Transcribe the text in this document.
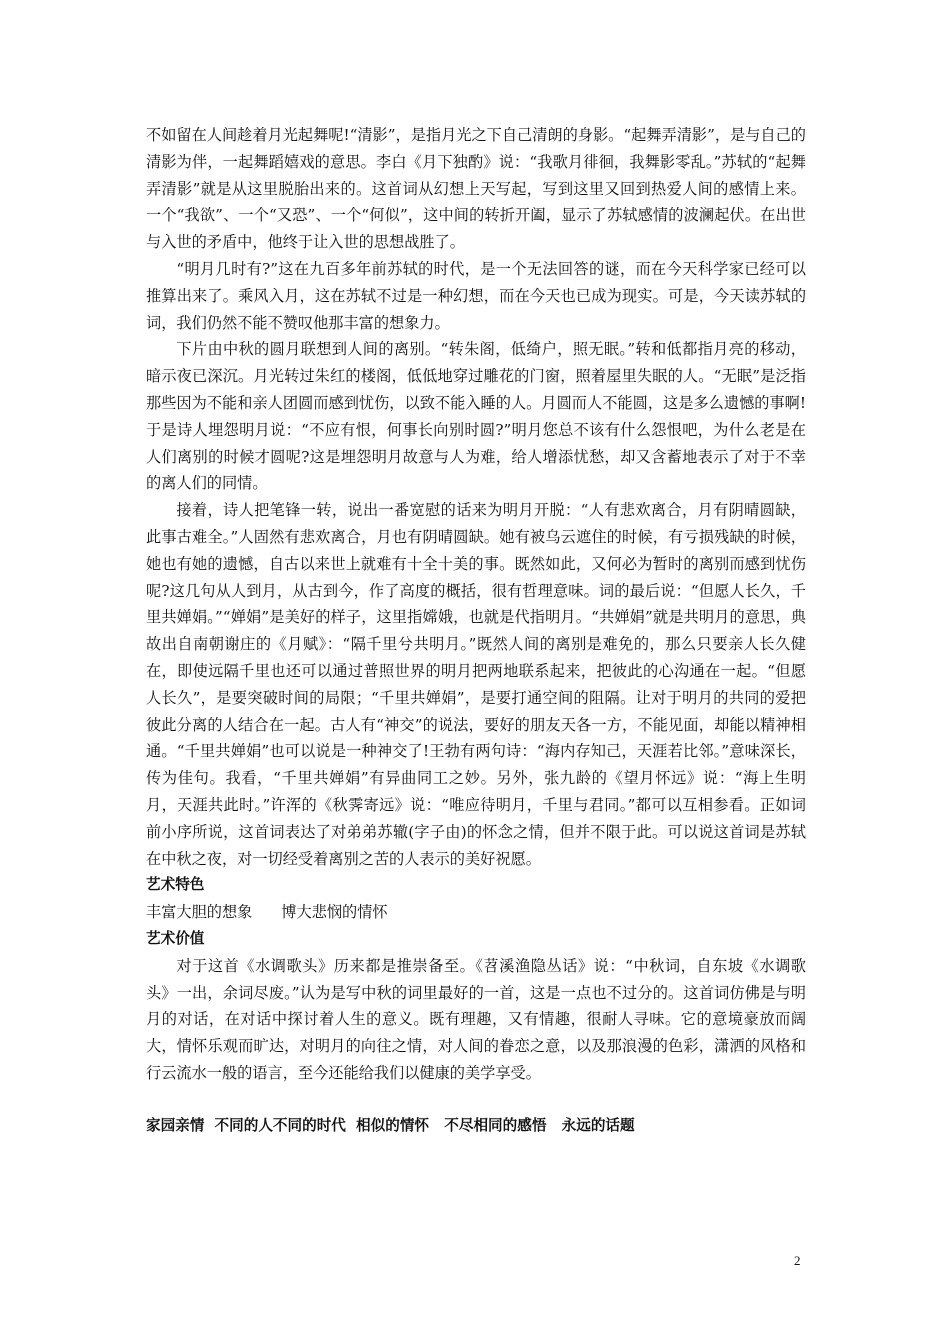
不如留在人间趁着月光起舞呢!“清影”，是指月光之下自己清朗的身影。“起舞弄清影”，是与自己的清影为伴，一起舞蹈嬉戏的意思。李白《月下独酌》说：“我歌月徘徊，我舞影零乱。”苏轼的“起舞弄清影”就是从这里脱胎出来的。这首词从幻想上天写起，写到这里又回到热爱人间的感情上来。一个“我欲”、一个“又恐”、一个“何似”，这中间的转折开阖，显示了苏轼感情的波澜起伏。在出世与入世的矛盾中，他终于让入世的思想战胜了。

“明月几时有?”这在九百多年前苏轼的时代，是一个无法回答的谜，而在今天科学家已经可以推算出来了。乘风入月，这在苏轼不过是一种幻想，而在今天也已成为现实。可是，今天读苏轼的词，我们仍然不能不赞叹他那丰富的想象力。

下片由中秋的圆月联想到人间的离别。“转朱阁，低绮户，照无眠。”转和低都指月亮的移动，暗示夜已深沉。月光转过朱红的楼阁，低低地穿过雕花的门窗，照着屋里失眠的人。“无眠”是泛指那些因为不能和亲人团圆而感到忧伤，以致不能入睡的人。月圆而人不能圆，这是多么遗憾的事啊!于是诗人埋怨明月说：“不应有恨，何事长向别时圆?”明月您总不该有什么怨恨吧，为什么老是在人们离别的时候才圆呢?这是埋怨明月故意与人为难，给人增添忧愁，却又含蓄地表示了对于不幸的离人们的同情。

接着，诗人把笔锋一转，说出一番宽慰的话来为明月开脱：“人有悲欢离合，月有阴晴圆缺，此事古难全。”人固然有悲欢离合，月也有阴晴圆缺。她有被乌云遮住的时候，有亏损残缺的时候，她也有她的遗憾，自古以来世上就难有十全十美的事。既然如此，又何必为暂时的离别而感到忧伤呢?这几句从人到月，从古到今，作了高度的概括，很有哲理意味。词的最后说：“但愿人长久，千里共婵娟。”“婵娟”是美好的样子，这里指嫦娥，也就是代指明月。“共婵娟”就是共明月的意思，典故出自南朝谢庄的《月赋》：“隔千里兮共明月。”既然人间的离别是难免的，那么只要亲人长久健在，即使远隔千里也还可以通过普照世界的明月把两地联系起来，把彼此的心沟通在一起。“但愿人长久”，是要突破时间的局限；“千里共婵娟”，是要打通空间的阻隔。让对于明月的共同的爱把彼此分离的人结合在一起。古人有“神交”的说法，要好的朋友天各一方，不能见面，却能以精神相通。“千里共婵娟”也可以说是一种神交了!王勃有两句诗：“海内存知己，天涯若比邻。”意味深长，传为佳句。我看，“千里共婵娟”有异曲同工之妙。另外，张九龄的《望月怀远》说：“海上生明月，天涯共此时。”许浑的《秋霁寄远》说：“唯应待明月，千里与君同。”都可以互相参看。正如词前小序所说，这首词表达了对弟弟苏辙(字子由)的怀念之情，但并不限于此。可以说这首词是苏轼在中秋之夜，对一切经受着离别之苦的人表示的美好祝愿。

艺术特色

丰富大胆的想象      博大悲悯的情怀

艺术价值

对于这首《水调歌头》历来都是推崇备至。《苕溪渔隐丛话》说：“中秋词，自东坡《水调歌头》一出，余词尽废。”认为是写中秋的词里最好的一首，这是一点也不过分的。这首词仿佛是与明月的对话，在对话中探讨着人生的意义。既有理趣，又有情趣，很耐人寻味。它的意境豪放而阔大，情怀乐观而旷达，对明月的向往之情，对人间的眷恋之意，以及那浪漫的色彩，潇洒的风格和行云流水一般的语言，至今还能给我们以健康的美学享受。

家园亲情  不同的人不同的时代  相似的情怀   不尽相同的感悟   永远的话题

2
